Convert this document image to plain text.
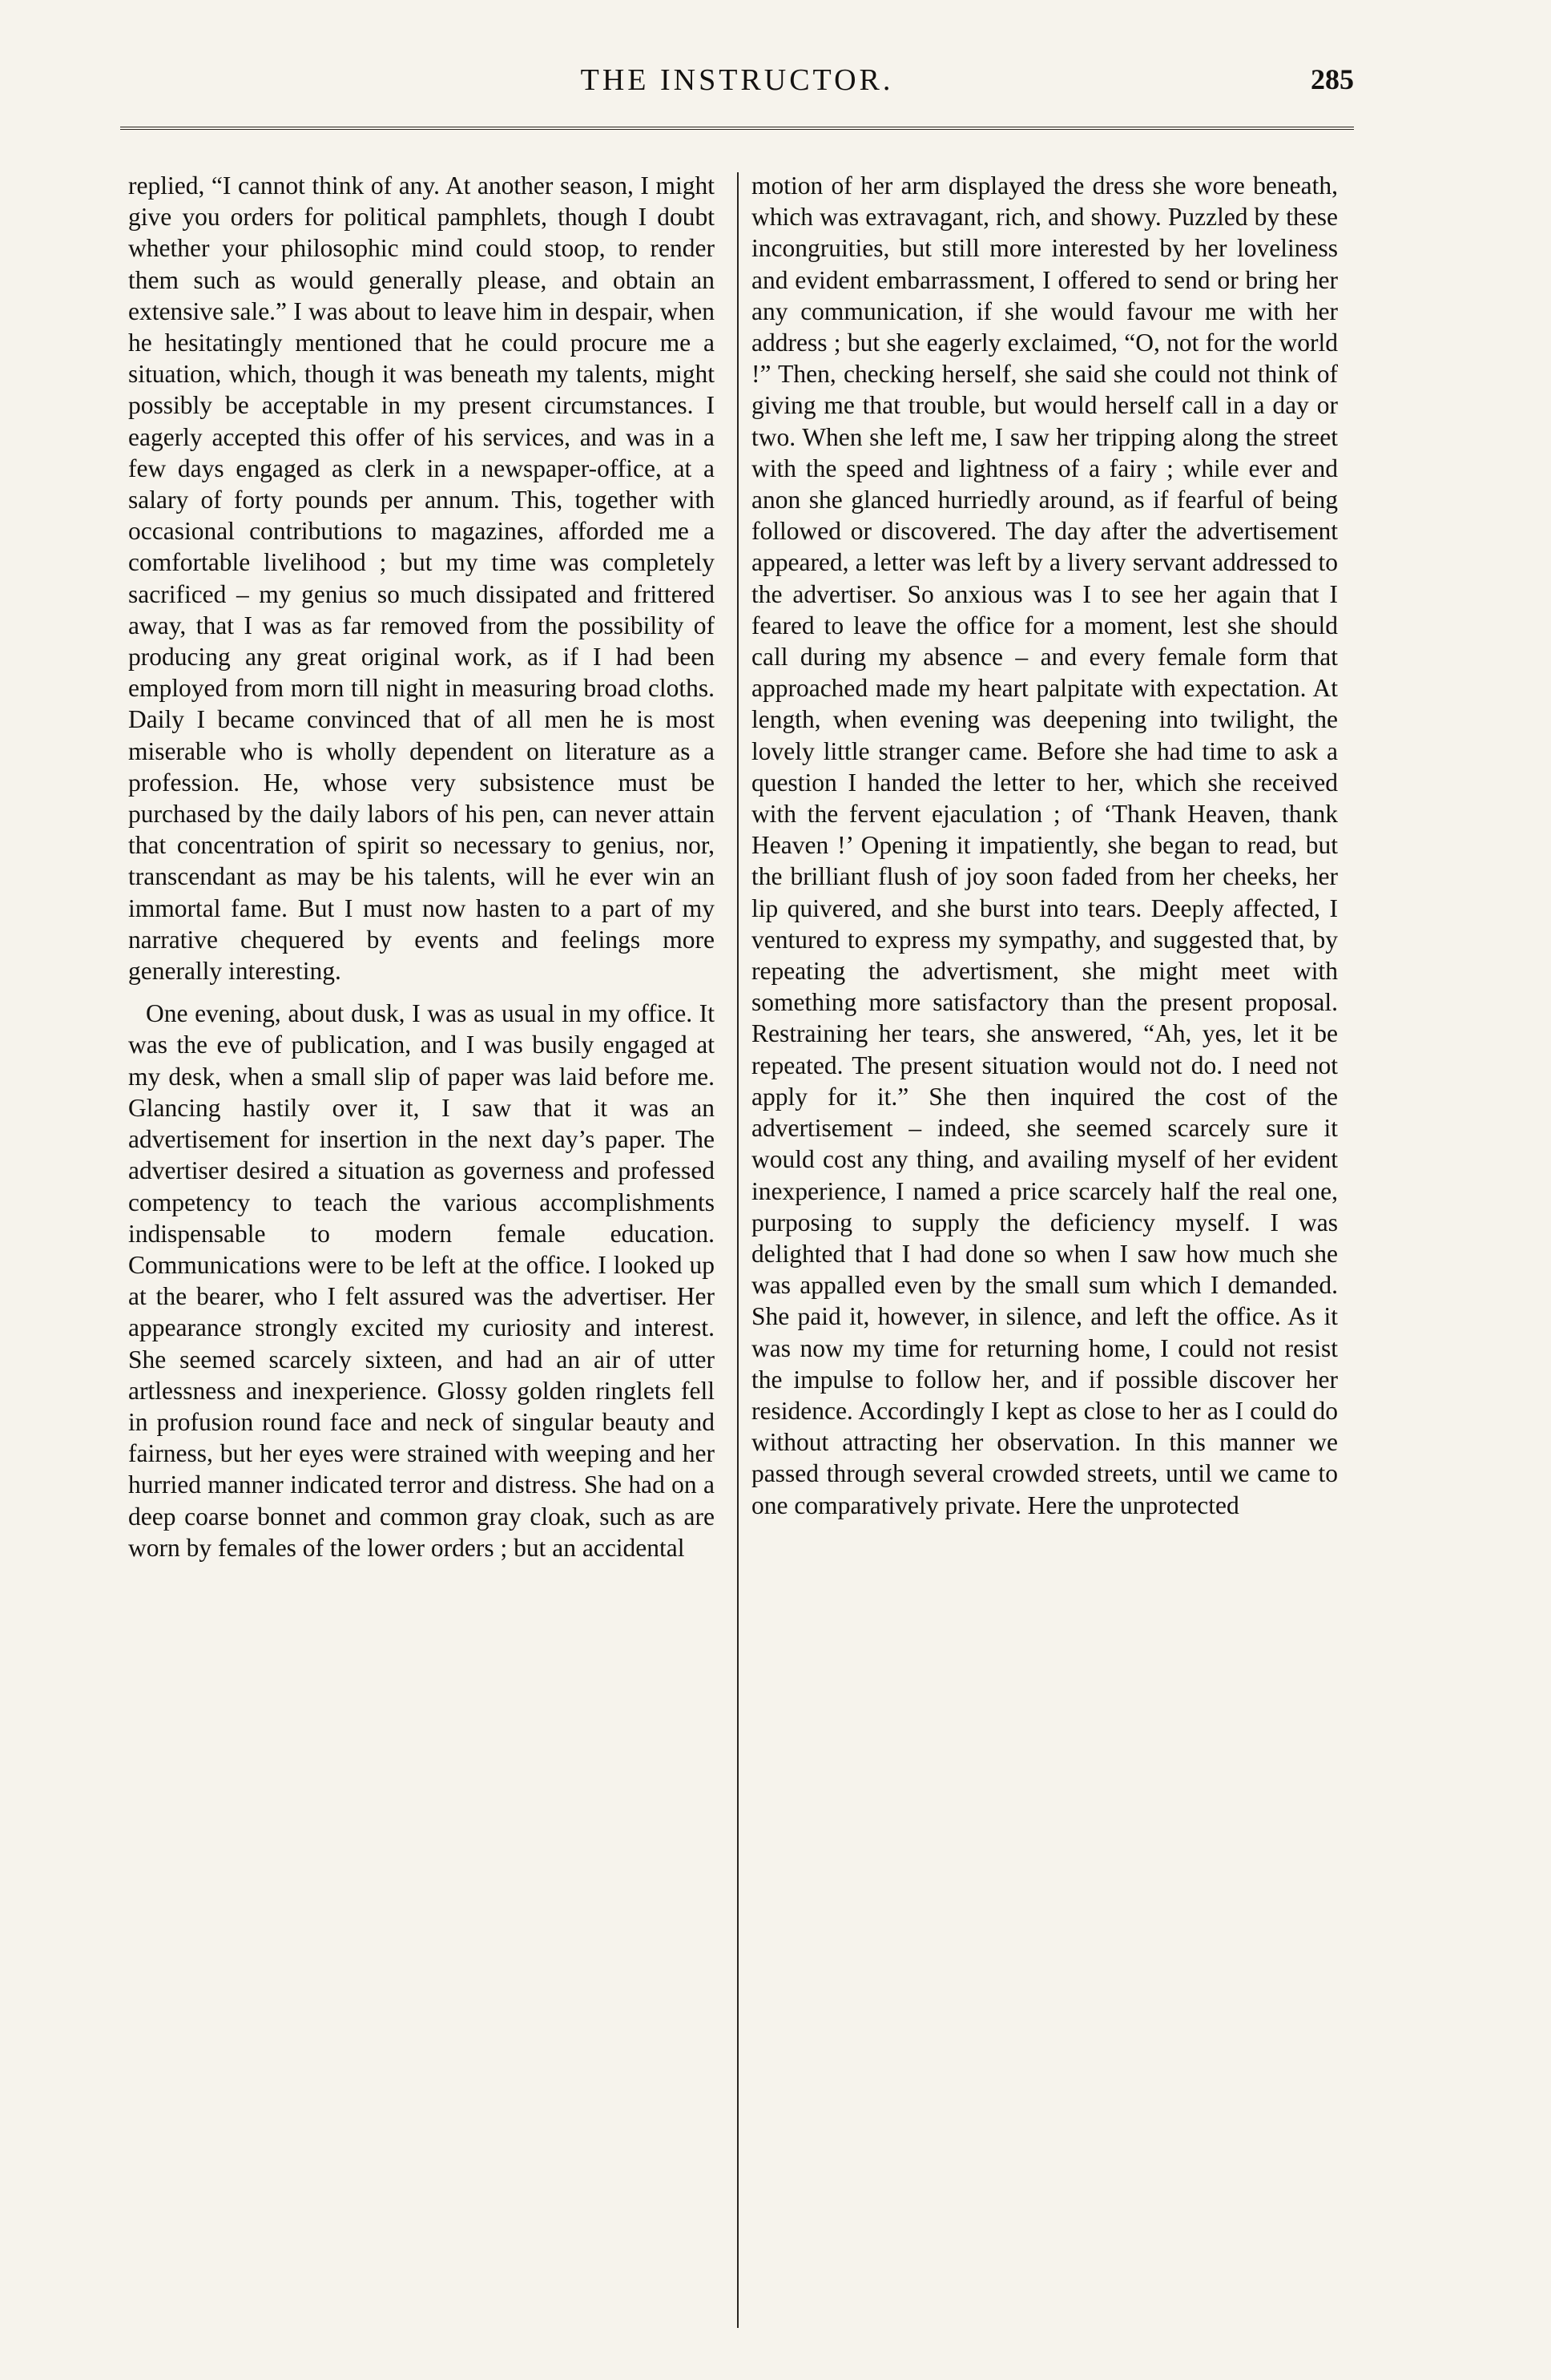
THE INSTRUCTOR.	285

replied, “I cannot think of any. At another season, I might give you orders for political pamphlets, though I doubt whether your philosophic mind could stoop, to render them such as would generally please, and obtain an extensive sale.” I was about to leave him in despair, when he hesitatingly mentioned that he could procure me a situation, which, though it was beneath my talents, might possibly be acceptable in my present circumstances. I eagerly accepted this offer of his services, and was in a few days engaged as clerk in a newspaper-office, at a salary of forty pounds per annum. This, together with occasional contributions to magazines, afforded me a comfortable livelihood ; but my time was completely sacrificed – my genius so much dissipated and frittered away, that I was as far removed from the possibility of producing any great original work, as if I had been employed from morn till night in measuring broad cloths. Daily I became convinced that of all men he is most miserable who is wholly dependent on literature as a profession. He, whose very subsistence must be purchased by the daily labors of his pen, can never attain that concentration of spirit so necessary to genius, nor, transcendant as may be his talents, will he ever win an immortal fame. But I must now hasten to a part of my narrative chequered by events and feelings more generally interesting.

One evening, about dusk, I was as usual in my office. It was the eve of publication, and I was busily engaged at my desk, when a small slip of paper was laid before me. Glancing hastily over it, I saw that it was an advertisement for insertion in the next day’s paper. The advertiser desired a situation as governess and professed competency to teach the various accomplishments indispensable to modern female education. Communications were to be left at the office. I looked up at the bearer, who I felt assured was the advertiser. Her appearance strongly excited my curiosity and interest. She seemed scarcely sixteen, and had an air of utter artlessness and inexperience. Glossy golden ringlets fell in profusion round face and neck of singular beauty and fairness, but her eyes were strained with weeping and her hurried manner indicated terror and distress. She had on a deep coarse bonnet and common gray cloak, such as are worn by females of the lower orders ; but an accidental

motion of her arm displayed the dress she wore beneath, which was extravagant, rich, and showy. Puzzled by these incongruities, but still more interested by her loveliness and evident embarrassment, I offered to send or bring her any communication, if she would favour me with her address ; but she eagerly exclaimed, “O, not for the world !” Then, checking herself, she said she could not think of giving me that trouble, but would herself call in a day or two. When she left me, I saw her tripping along the street with the speed and lightness of a fairy ; while ever and anon she glanced hurriedly around, as if fearful of being followed or discovered. The day after the advertisement appeared, a letter was left by a livery servant addressed to the advertiser. So anxious was I to see her again that I feared to leave the office for a moment, lest she should call during my absence – and every female form that approached made my heart palpitate with expectation. At length, when evening was deepening into twilight, the lovely little stranger came. Before she had time to ask a question I handed the letter to her, which she received with the fervent ejaculation ; of ‘Thank Heaven, thank Heaven !’ Opening it impatiently, she began to read, but the brilliant flush of joy soon faded from her cheeks, her lip quivered, and she burst into tears. Deeply affected, I ventured to express my sympathy, and suggested that, by repeating the advertisment, she might meet with something more satisfactory than the present proposal. Restraining her tears, she answered, “Ah, yes, let it be repeated. The present situation would not do. I need not apply for it.” She then inquired the cost of the advertisement – indeed, she seemed scarcely sure it would cost any thing, and availing myself of her evident inexperience, I named a price scarcely half the real one, purposing to supply the deficiency myself. I was delighted that I had done so when I saw how much she was appalled even by the small sum which I demanded. She paid it, however, in silence, and left the office. As it was now my time for returning home, I could not resist the impulse to follow her, and if possible discover her residence. Accordingly I kept as close to her as I could do without attracting her observation. In this manner we passed through several crowded streets, until we came to one comparatively private. Here the unprotected
